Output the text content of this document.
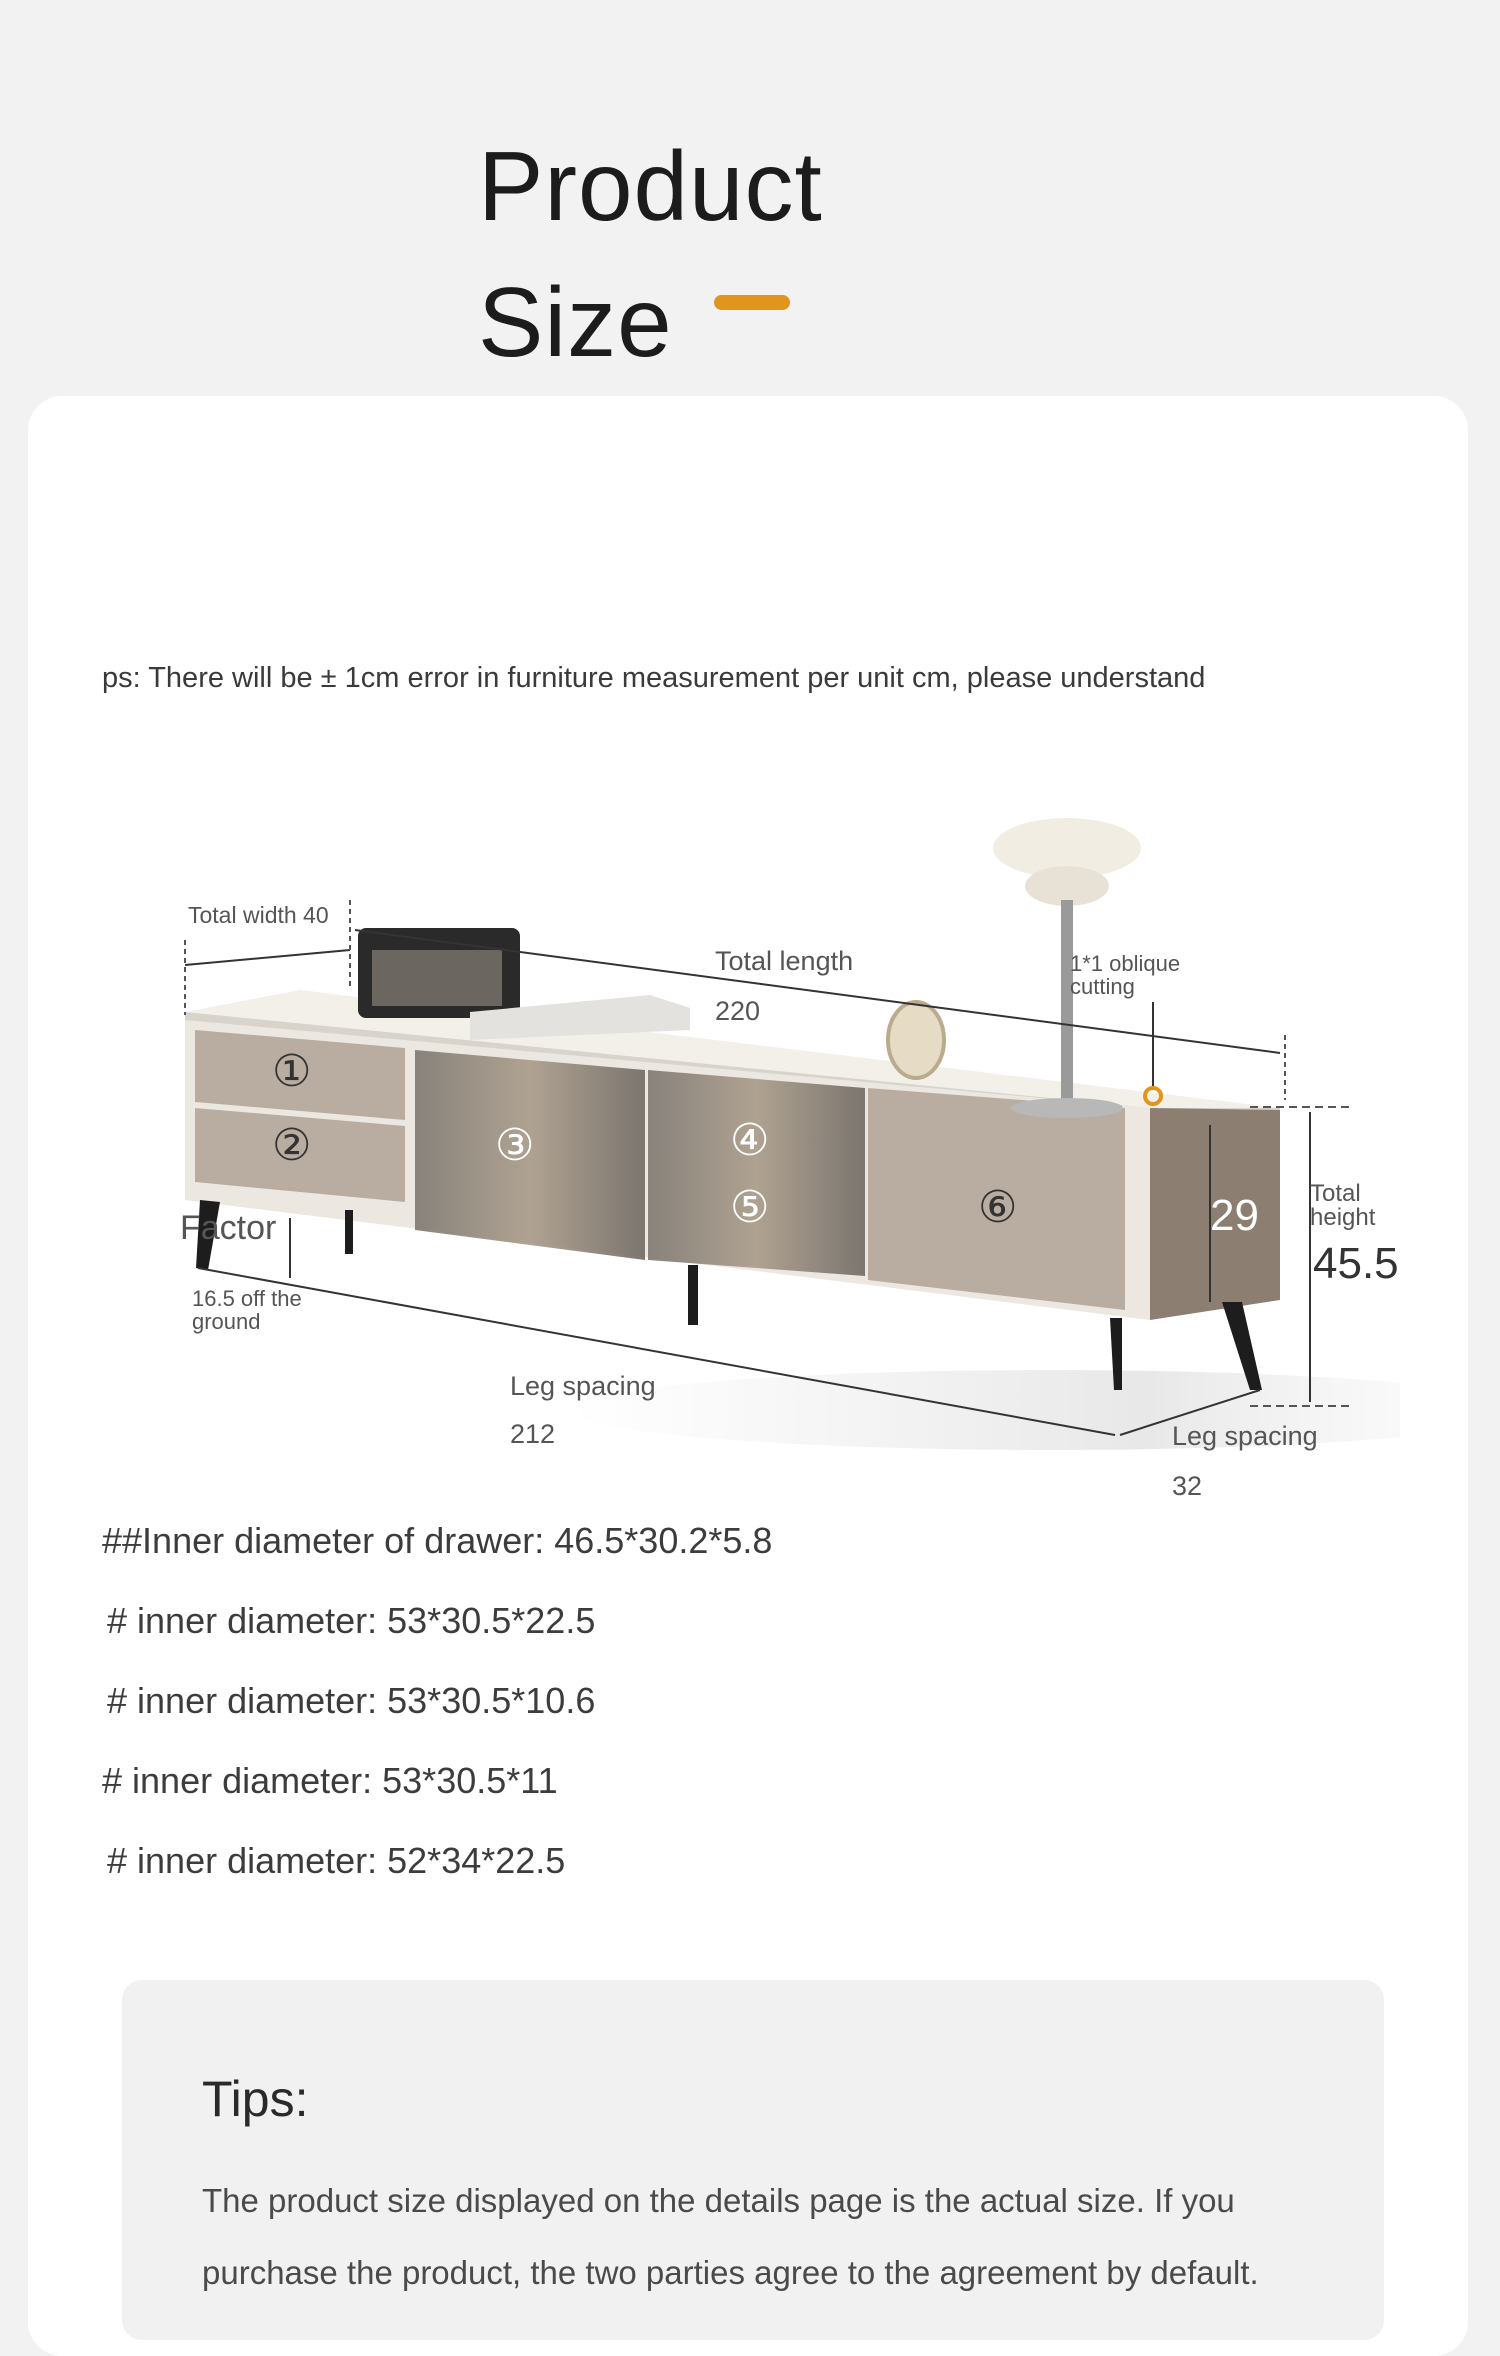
Product
Size
ps: There will be ± 1cm error in furniture measurement per unit cm, please understand
①
②	③	④
⑤	⑥
Total width 40
Total length
220
1*1 oblique
cutting
Total
height
45.5
29
Factor
16.5 off the
ground
Leg spacing
212	Leg spacing
32
##Inner diameter of drawer: 46.5*30.2*5.8
# inner diameter: 53*30.5*22.5
# inner diameter: 53*30.5*10.6
# inner diameter: 53*30.5*11
# inner diameter: 52*34*22.5
Tips:
The product size displayed on the details page is the actual size. If you purchase the product, the two parties agree to the agreement by default.
